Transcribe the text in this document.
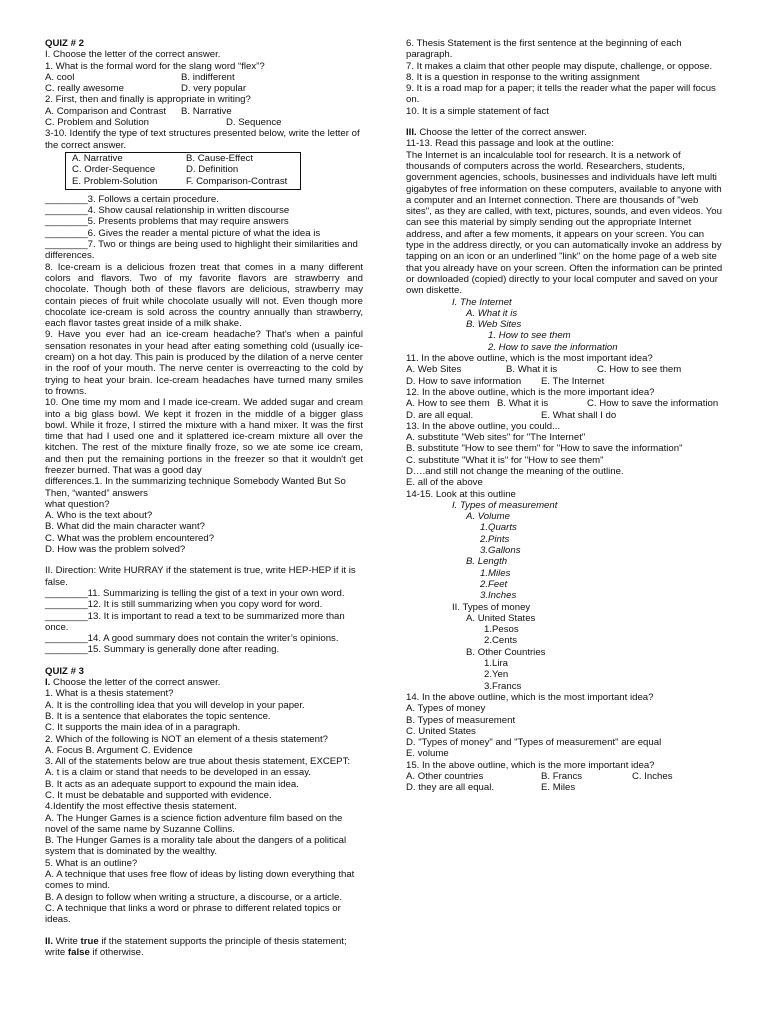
QUIZ # 2

I. Choose the letter of the correct answer.

1. What is the formal word for the slang word “flex”?

A. cool	B. indifferent

C. really awesome	D. very popular

2. First, then and finally is appropriate in writing?

A. Comparison and Contrast B. Narrative

C. Problem and Solution	D. Sequence

3-10. Identify the type of text structures presented below, write the letter of the correct answer.

A. Narrative	B. Cause-Effect
C. Order-Sequence	D. Definition
E. Problem-Solution	F. Comparison-Contrast

________3. Follows a certain procedure.

________4. Show causal relationship in written discourse

________5. Presents problems that may require answers

________6. Gives the reader a mental picture of what the idea is

________7. Two or things are being used to highlight their similarities and differences.

8. Ice-cream is a delicious frozen treat that comes in a many different colors and flavors. Two of my favorite flavors are strawberry and chocolate. Though both of these flavors are delicious, strawberry may contain pieces of fruit while chocolate usually will not. Even though more chocolate ice-cream is sold across the country annually than strawberry, each flavor tastes great inside of a milk shake.

9. Have you ever had an ice-cream headache? That's when a painful sensation resonates in your head after eating something cold (usually ice-cream) on a hot day. This pain is produced by the dilation of a nerve center in the roof of your mouth. The nerve center is overreacting to the cold by trying to heat your brain. Ice-cream headaches have turned many smiles to frowns.

10. One time my mom and I made ice-cream. We added sugar and cream into a big glass bowl. We kept it frozen in the middle of a bigger glass bowl. While it froze, I stirred the mixture with a hand mixer. It was the first time that had I used one and it splattered ice-cream mixture all over the kitchen. The rest of the mixture finally froze, so we ate some ice cream, and then put the remaining portions in the freezer so that it wouldn't get freezer burned. That was a good day

differences.1. In the summarizing technique Somebody Wanted But So Then, “wanted” answers

what question?

A. Who is the text about?

B. What did the main character want?

C. What was the problem encountered?

D. How was the problem solved?

II. Direction: Write HURRAY if the statement is true, write HEP-HEP if it is false.

________11. Summarizing is telling the gist of a text in your own word.

________12. It is still summarizing when you copy word for word.

________13. It is important to read a text to be summarized more than once.

________14. A good summary does not contain the writer’s opinions.

________15. Summary is generally done after reading.

QUIZ # 3

I. Choose the letter of the correct answer.

1. What is a thesis statement?

A. It is the controlling idea that you will develop in your paper.

B. It is a sentence that elaborates the topic sentence.

C. It supports the main idea of in a paragraph.

2. Which of the following is NOT an element of a thesis statement?

A. Focus B. Argument C. Evidence

3. All of the statements below are true about thesis statement, EXCEPT:

A. t is a claim or stand that needs to be developed in an essay.

B. It acts as an adequate support to expound the main idea.

C. It must be debatable and supported with evidence.

4.Identify the most effective thesis statement.

A. The Hunger Games is a science fiction adventure film based on the novel of the same name by Suzanne Collins.

B. The Hunger Games is a morality tale about the dangers of a political system that is dominated by the wealthy.

5. What is an outline?

A. A technique that uses free flow of ideas by listing down everything that comes to mind.

B. A design to follow when writing a structure, a discourse, or a article.

C. A technique that links a word or phrase to different related topics or ideas.

II. Write true if the statement supports the principle of thesis statement; write false if otherwise.

6. Thesis Statement is the first sentence at the beginning of each paragraph.

7. It makes a claim that other people may dispute, challenge, or oppose.

8. It is a question in response to the writing assignment

9. It is a road map for a paper; it tells the reader what the paper will focus on.

10. It is a simple statement of fact

III. Choose the letter of the correct answer.

11-13. Read this passage and look at the outline:

The Internet is an incalculable tool for research. It is a network of thousands of computers across the world. Researchers, students, government agencies, schools, businesses and individuals have left multi gigabytes of free information on these computers, available to anyone with a computer and an Internet connection. There are thousands of "web sites", as they are called, with text, pictures, sounds, and even videos. You can see this material by simply sending out the appropriate Internet address, and after a few moments, it appears on your screen. You can type in the address directly, or you can automatically invoke an address by tapping on an icon or an underlined "link" on the home page of a web site that you already have on your screen. Often the information can be printed or downloaded (copied) directly to your local computer and saved on your own diskette.

I. The Internet

A. What it is

B. Web Sites

1. How to see them

2. How to save the information

11. In the above outline, which is the most important idea?

A. Web Sites	B. What it is	C. How to see them

D. How to save information E. The Internet

12. In the above outline, which is the more important idea?

A. How to see them B. What it is	C. How to save the information

D. are all equal.	E. What shall I do

13. In the above outline, you could...

A. substitute "Web sites" for "The Internet"

B. substitute "How to see them" for "How to save the information"

C. substitute "What it is" for "How to see them"

D….and still not change the meaning of the outline.

E. all of the above

14-15. Look at this outline

I. Types of measurement

A. Volume

1.Quarts

2.Pints

3.Gallons

B. Length

1.Miles

2.Feet

3.Inches

II. Types of money

A. United States

1.Pesos

2.Cents

B. Other Countries

1.Lira

2.Yen

3.Francs

14. In the above outline, which is the most important idea?

A. Types of money

B. Types of measurement

C. United States

D. "Types of money" and "Types of measurement" are equal

E. volume

15. In the above outline, which is the more important idea?

A. Other countries	B. Francs	C. Inches

D. they are all equal.	E. Miles
